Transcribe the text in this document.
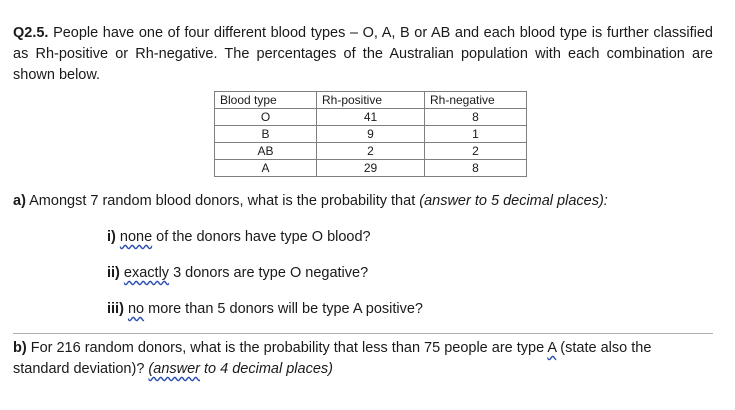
Q2.5. People have one of four different blood types – O, A, B or AB and each blood type is further classified as Rh-positive or Rh-negative. The percentages of the Australian population with each combination are shown below.
Blood type	Rh-positive	Rh-negative
O	41	8
B	9	1
AB	2	2
A	29	8
a) Amongst 7 random blood donors, what is the probability that (answer to 5 decimal places):
i) none of the donors have type O blood?
ii) exactly 3 donors are type O negative?
iii) no more than 5 donors will be type A positive?
b) For 216 random donors, what is the probability that less than 75 people are type A (state also the standard deviation)? (answer to 4 decimal places)
